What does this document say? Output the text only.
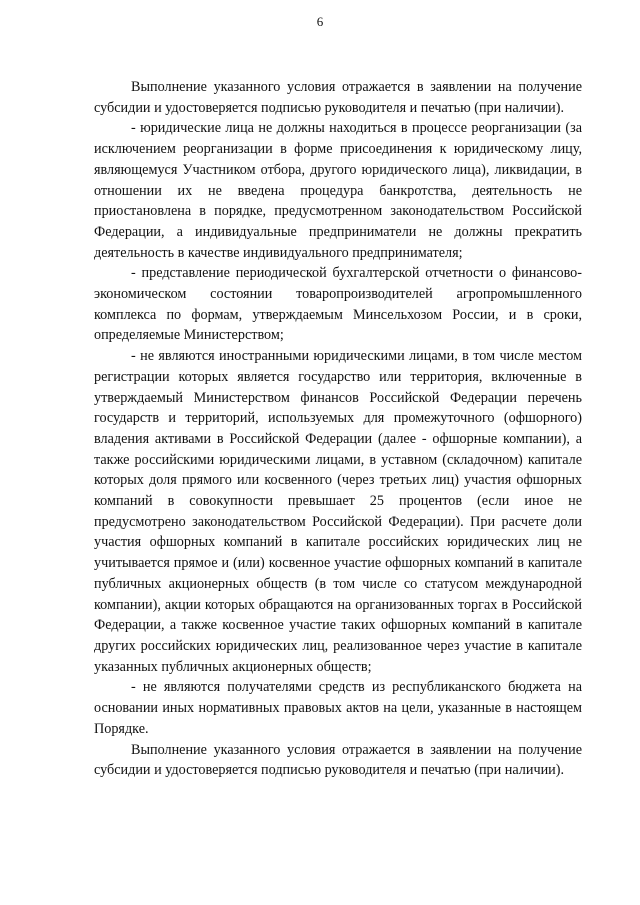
6

Выполнение указанного условия отражается в заявлении на получение субсидии и удостоверяется подписью руководителя и печатью (при наличии).

- юридические лица не должны находиться в процессе реорганизации (за исключением реорганизации в форме присоединения к юридическому лицу, являющемуся Участником отбора, другого юридического лица), ликвидации, в отношении их не введена процедура банкротства, деятельность не приостановлена в порядке, предусмотренном законодательством Российской Федерации, а индивидуальные предприниматели не должны прекратить деятельность в качестве индивидуального предпринимателя;

- представление периодической бухгалтерской отчетности о финансово-экономическом состоянии товаропроизводителей агропромышленного комплекса по формам, утверждаемым Минсельхозом России, и в сроки, определяемые Министерством;

- не являются иностранными юридическими лицами, в том числе местом регистрации которых является государство или территория, включенные в утверждаемый Министерством финансов Российской Федерации перечень государств и территорий, используемых для промежуточного (офшорного) владения активами в Российской Федерации (далее - офшорные компании), а также российскими юридическими лицами, в уставном (складочном) капитале которых доля прямого или косвенного (через третьих лиц) участия офшорных компаний в совокупности превышает 25 процентов (если иное не предусмотрено законодательством Российской Федерации). При расчете доли участия офшорных компаний в капитале российских юридических лиц не учитывается прямое и (или) косвенное участие офшорных компаний в капитале публичных акционерных обществ (в том числе со статусом международной компании), акции которых обращаются на организованных торгах в Российской Федерации, а также косвенное участие таких офшорных компаний в капитале других российских юридических лиц, реализованное через участие в капитале указанных публичных акционерных обществ;

- не являются получателями средств из республиканского бюджета на основании иных нормативных правовых актов на цели, указанные в настоящем Порядке.

Выполнение указанного условия отражается в заявлении на получение субсидии и удостоверяется подписью руководителя и печатью (при наличии).
